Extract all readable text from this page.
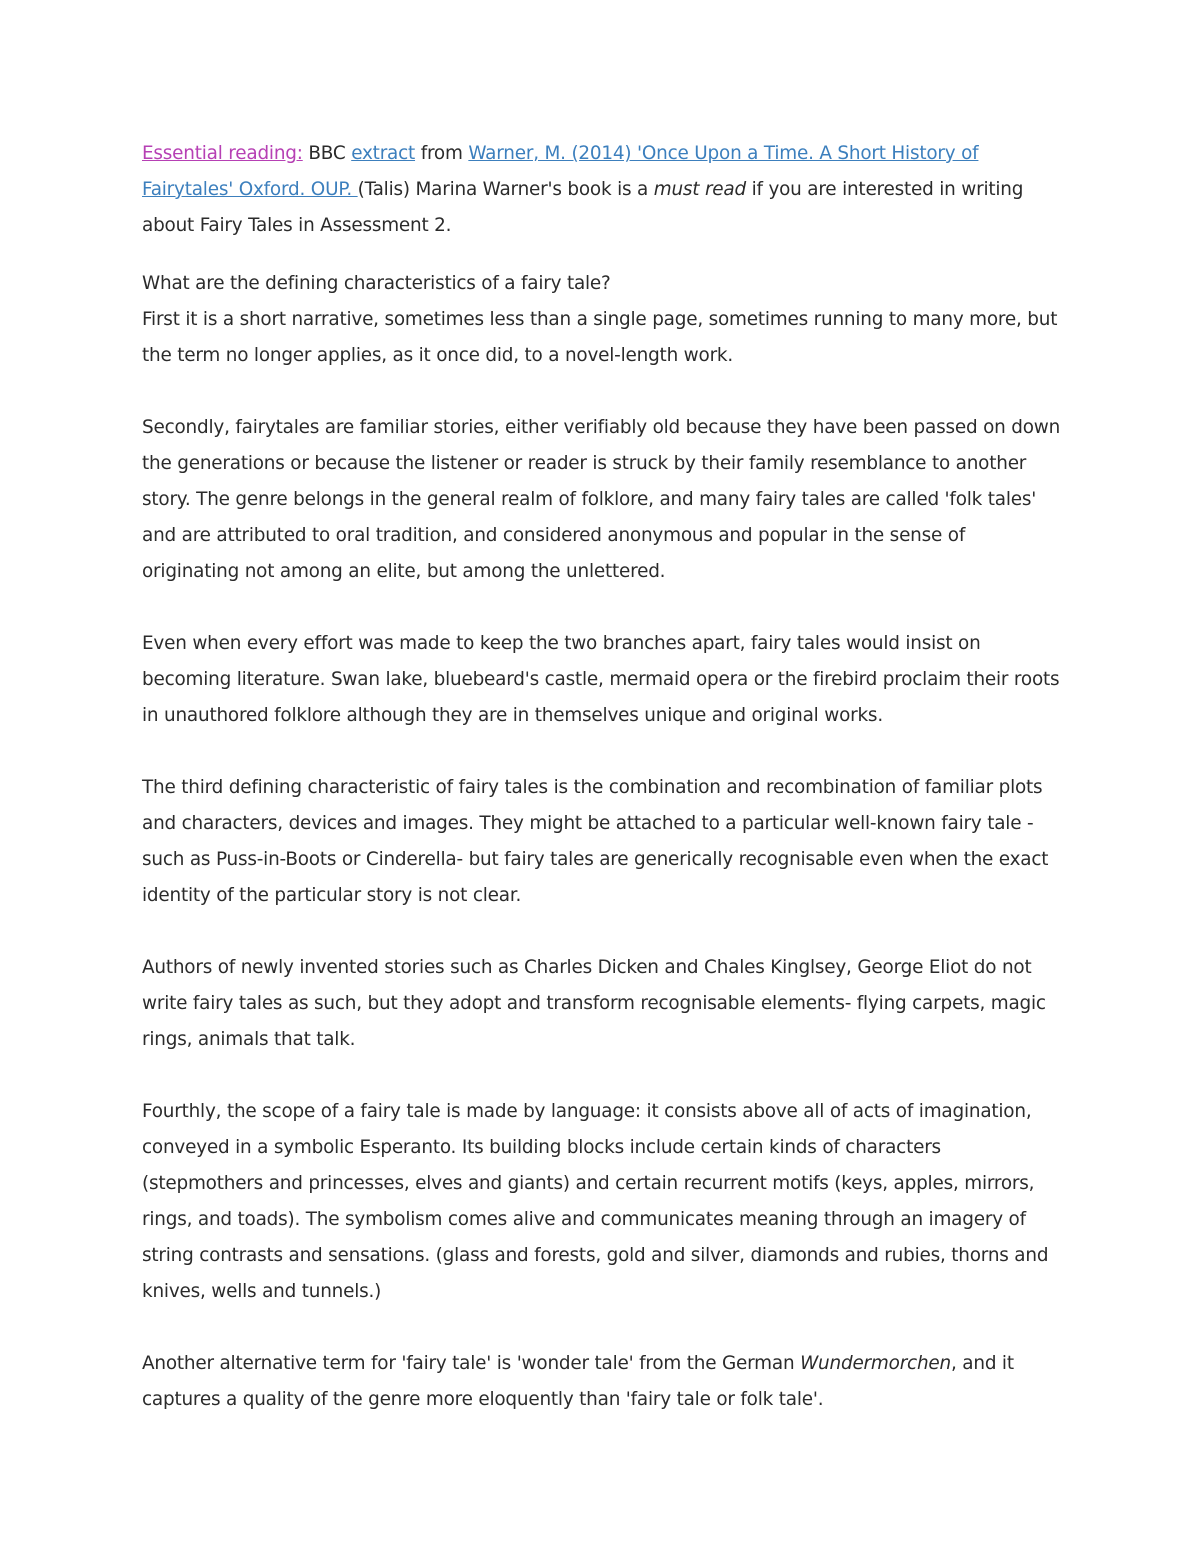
Essential reading: BBC extract from Warner, M. (2014) 'Once Upon a Time. A Short History of Fairytales' Oxford. OUP. (Talis) Marina Warner's book is a must read if you are interested in writing about Fairy Tales in Assessment 2.

What are the defining characteristics of a fairy tale?

First it is a short narrative, sometimes less than a single page, sometimes running to many more, but the term no longer applies, as it once did, to a novel-length work.

Secondly, fairytales are familiar stories, either verifiably old because they have been passed on down the generations or because the listener or reader is struck by their family resemblance to another story. The genre belongs in the general realm of folklore, and many fairy tales are called 'folk tales' and are attributed to oral tradition, and considered anonymous and popular in the sense of originating not among an elite, but among the unlettered.

Even when every effort was made to keep the two branches apart, fairy tales would insist on becoming literature. Swan lake, bluebeard's castle, mermaid opera or the firebird proclaim their roots in unauthored folklore although they are in themselves unique and original works.

The third defining characteristic of fairy tales is the combination and recombination of familiar plots and characters, devices and images. They might be attached to a particular well-known fairy tale - such as Puss-in-Boots or Cinderella- but fairy tales are generically recognisable even when the exact identity of the particular story is not clear.

Authors of newly invented stories such as Charles Dicken and Chales Kinglsey, George Eliot do not write fairy tales as such, but they adopt and transform recognisable elements- flying carpets, magic rings, animals that talk.

Fourthly, the scope of a fairy tale is made by language: it consists above all of acts of imagination, conveyed in a symbolic Esperanto. Its building blocks include certain kinds of characters (stepmothers and princesses, elves and giants) and certain recurrent motifs (keys, apples, mirrors, rings, and toads). The symbolism comes alive and communicates meaning through an imagery of string contrasts and sensations. (glass and forests, gold and silver, diamonds and rubies, thorns and knives, wells and tunnels.)

Another alternative term for 'fairy tale' is 'wonder tale' from the German Wundermorchen, and it captures a quality of the genre more eloquently than 'fairy tale or folk tale'.
